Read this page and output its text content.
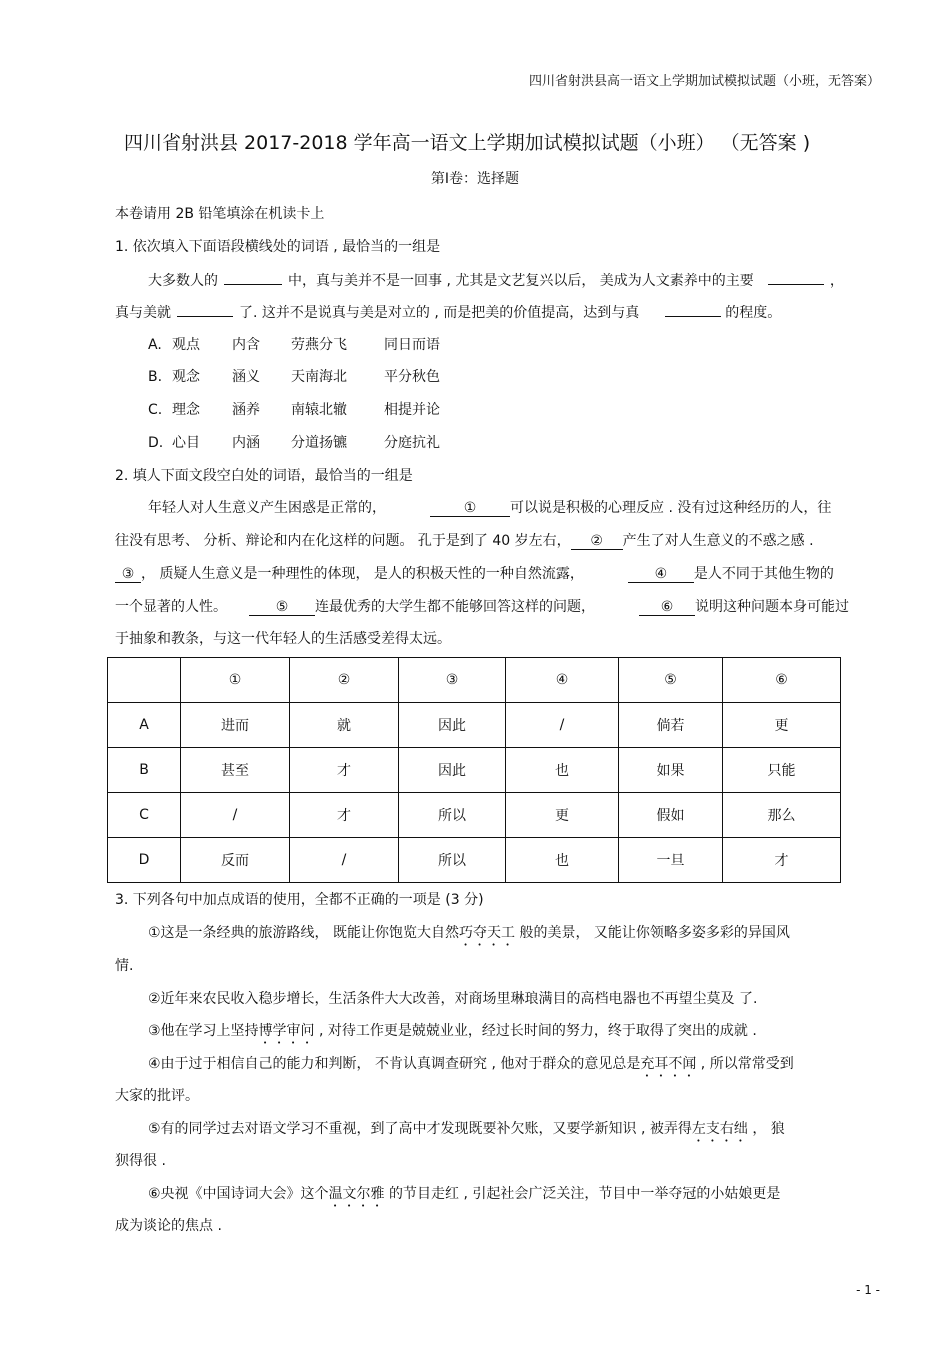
四川省射洪县高一语文上学期加试模拟试题（小班，无答案）
四川省射洪县 2017-2018 学年高一语文上学期加试模拟试题（小班） （无答案 )
第Ⅰ卷：选择题
本卷请用 2B 铅笔填涂在机读卡上
1. 依次填入下面语段横线处的词语 , 最恰当的一组是
大多数人的	中，真与美并不是一回事 , 尤其是文艺复兴以后， 美成为人文素养中的主要	，
真与美就	了. 这并不是说真与美是对立的 , 而是把美的价值提高，达到与真	的程度。
A. 观点 内含 劳燕分飞	同日而语
B. 观念 涵义 天南海北	平分秋色
C. 理念 涵养 南辕北辙	相提并论
D. 心目 内涵 分道扬镳	分庭抗礼
2. 填人下面文段空白处的词语，最恰当的一组是
年轻人对人生意义产生困惑是正常的，	① 可以说是积极的心理反应 . 没有过这种经历的人，往
往没有思考、 分析、辩论和内在化这样的问题。 孔于是到了 40 岁左右， ② 产生了对人生意义的不惑之感 .
③ ， 质疑人生意义是一种理性的体现， 是人的积极天性的一种自然流露，	④ 是人不同于其他生物的
一个显著的人性。	⑤ 连最优秀的大学生都不能够回答这样的问题，	⑥ 说明这种问题本身可能过
于抽象和教条，与这一代年轻人的生活感受差得太远。
	①	②	③	④	⑤	⑥
A	进而	就	因此	/	倘若	更
B	甚至	才	因此	也	如果	只能
C	/	才	所以	更	假如	那么
D	反而	/	所以	也	一旦	才
3. 下列各句中加点成语的使用，全都不正确的一项是 (3 分)
①这是一条经典的旅游路线， 既能让你饱览大自然巧夺天工 般的美景， 又能让你领略多姿多彩的异国风
情.
②近年来农民收入稳步增长，生活条件大大改善，对商场里琳琅满目的高档电器也不再望尘莫及 了.
③他在学习上坚持博学审问 , 对待工作更是兢兢业业，经过长时间的努力，终于取得了突出的成就 .
④由于过于相信自己的能力和判断， 不肯认真调查研究 , 他对于群众的意见总是充耳不闻 , 所以常常受到
大家的批评。
⑤有的同学过去对语文学习不重视，到了高中才发现既要补欠账，又要学新知识 , 被弄得左支右绌 ， 狼
狈得很 .
⑥央视《中国诗词大会》这个温文尔雅 的节目走红 , 引起社会广泛关注，节目中一举夺冠的小姑娘更是
成为谈论的焦点 .
- 1 -
